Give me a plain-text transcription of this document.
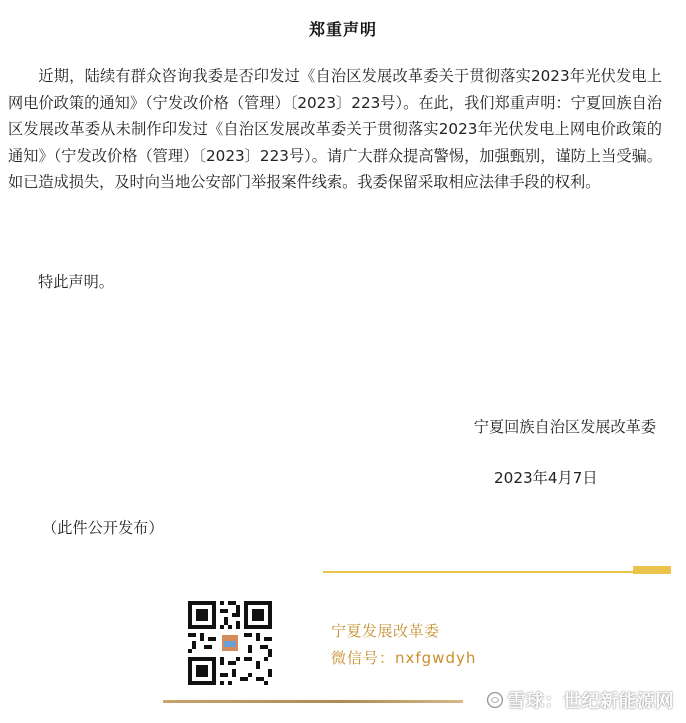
郑重声明

近期，陆续有群众咨询我委是否印发过《自治区发展改革委关于贯彻落实2023年光伏发电上网电价政策的通知》（宁发改价格（管理）〔2023〕223号）。在此，我们郑重声明：宁夏回族自治区发展改革委从未制作印发过《自治区发展改革委关于贯彻落实2023年光伏发电上网电价政策的通知》（宁发改价格（管理）〔2023〕223号）。请广大群众提高警惕，加强甄别，谨防上当受骗。如已造成损失，及时向当地公安部门举报案件线索。我委保留采取相应法律手段的权利。

特此声明。
宁夏回族自治区发展改革委
2023年4月7日
（此件公开发布）
宁夏发展改革委
微信号：nxfgwdyh
雪球：世纪新能源网
